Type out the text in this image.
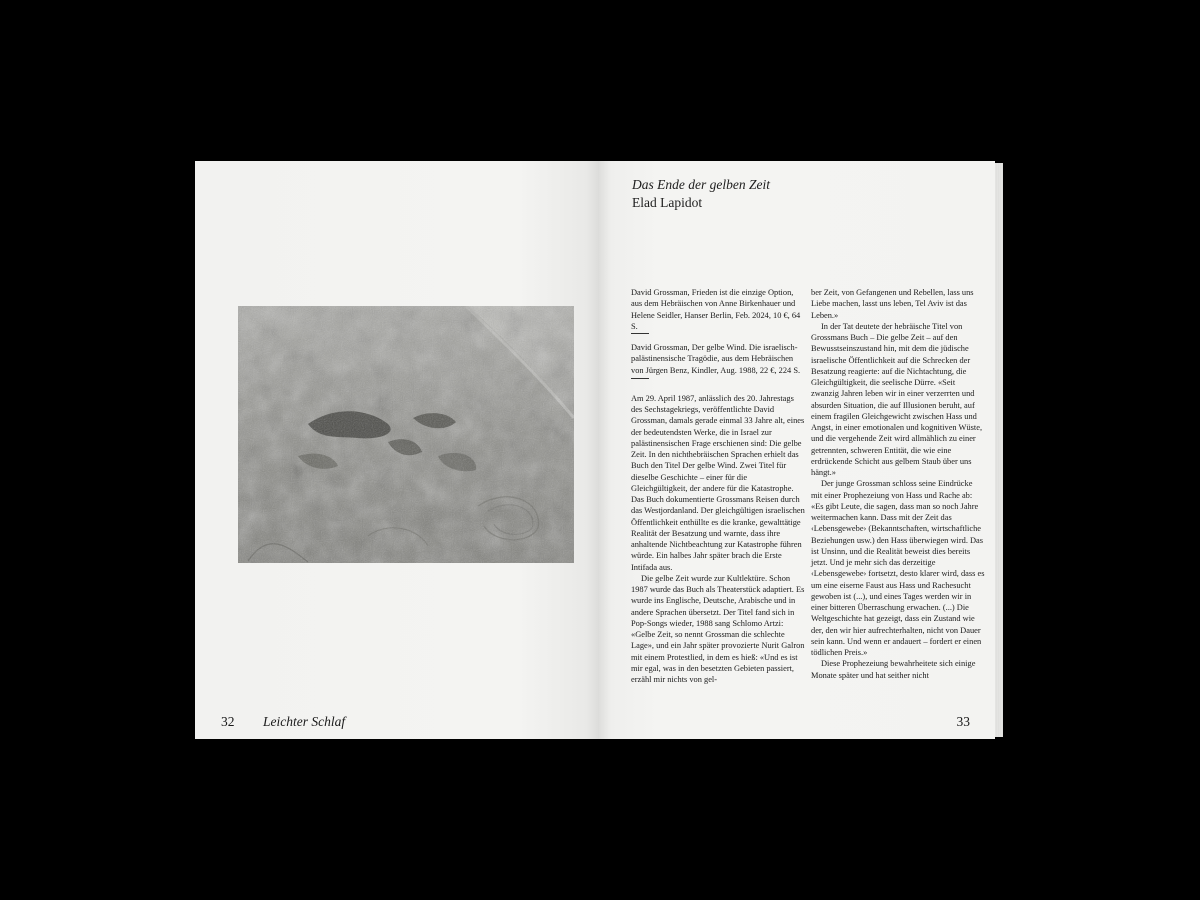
32 Leichter Schlaf
Das Ende der gelben Zeit
Elad Lapidot

David Grossman, Frieden ist die einzige Option, aus dem Hebräischen von Anne Birkenhauer und Helene Seidler, Hanser Berlin, Feb. 2024, 10 €, 64 S.

David Grossman, Der gelbe Wind. Die israelisch-palästinensische Tragödie, aus dem Hebräischen von Jürgen Benz, Kindler, Aug. 1988, 22 €, 224 S.

Am 29. April 1987, anlässlich des 20. Jahrestags des Sechstagekriegs, veröffentlichte David Grossman, damals gerade einmal 33 Jahre alt, eines der bedeutendsten Werke, die in Israel zur palästinensischen Frage erschienen sind: Die gelbe Zeit. In den nichthebräischen Sprachen erhielt das Buch den Titel Der gelbe Wind. Zwei Titel für dieselbe Geschichte – einer für die Gleichgültigkeit, der andere für die Katastrophe. Das Buch dokumentierte Grossmans Reisen durch das Westjordanland. Der gleichgültigen israelischen Öffentlichkeit enthüllte es die kranke, gewalttätige Realität der Besatzung und warnte, dass ihre anhaltende Nichtbeachtung zur Katastrophe führen würde. Ein halbes Jahr später brach die Erste Intifada aus.

Die gelbe Zeit wurde zur Kultlektüre. Schon 1987 wurde das Buch als Theaterstück adaptiert. Es wurde ins Englische, Deutsche, Arabische und in andere Sprachen übersetzt. Der Titel fand sich in Pop-Songs wieder, 1988 sang Schlomo Artzi: «Gelbe Zeit, so nennt Grossman die schlechte Lage», und ein Jahr später provozierte Nurit Galron mit einem Protestlied, in dem es hieß: «Und es ist mir egal, was in den besetzten Gebieten passiert, erzähl mir nichts von gel-

ber Zeit, von Gefangenen und Rebellen, lass uns Liebe machen, lasst uns leben, Tel Aviv ist das Leben.»

In der Tat deutete der hebräische Titel von Grossmans Buch – Die gelbe Zeit – auf den Bewusstseinszustand hin, mit dem die jüdische israelische Öffentlichkeit auf die Schrecken der Besatzung reagierte: auf die Nichtachtung, die Gleichgültigkeit, die seelische Dürre. «Seit zwanzig Jahren leben wir in einer verzerrten und absurden Situation, die auf Illusionen beruht, auf einem fragilen Gleichgewicht zwischen Hass und Angst, in einer emotionalen und kognitiven Wüste, und die vergehende Zeit wird allmählich zu einer getrennten, schweren Entität, die wie eine erdrückende Schicht aus gelbem Staub über uns hängt.»

Der junge Grossman schloss seine Eindrücke mit einer Prophezeiung von Hass und Rache ab: «Es gibt Leute, die sagen, dass man so noch Jahre weitermachen kann. Dass mit der Zeit das ‹Lebensgewebe› (Bekanntschaften, wirtschaftliche Beziehungen usw.) den Hass überwiegen wird. Das ist Unsinn, und die Realität beweist dies bereits jetzt. Und je mehr sich das derzeitige ‹Lebensgewebe› fortsetzt, desto klarer wird, dass es um eine eiserne Faust aus Hass und Rachesucht gewoben ist (...), und eines Tages werden wir in einer bitteren Überraschung erwachen. (...) Die Weltgeschichte hat gezeigt, dass ein Zustand wie der, den wir hier aufrechterhalten, nicht von Dauer sein kann. Und wenn er andauert – fordert er einen tödlichen Preis.»

Diese Prophezeiung bewahrheitete sich einige Monate später und hat seither nicht

33
